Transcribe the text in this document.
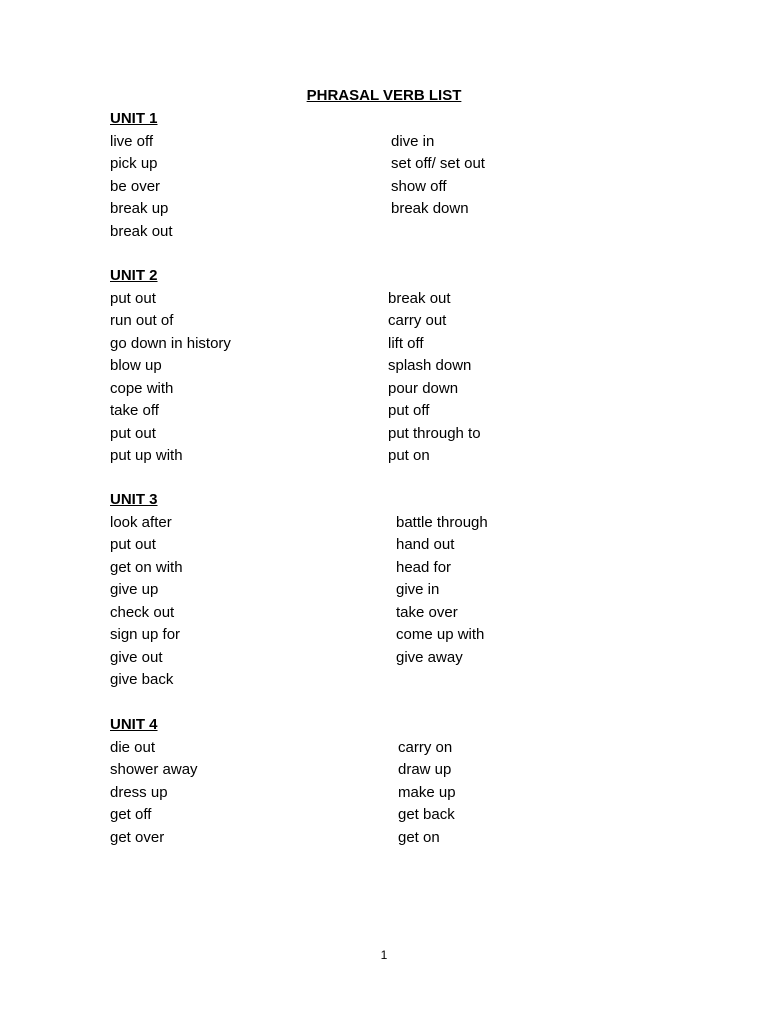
PHRASAL VERB LIST
UNIT 1
live off	dive in
pick up	set off/ set out
be over	show off
break up	break down
break out
UNIT 2
put out	break out
run out of	carry out
go down in history	lift off
blow up	splash down
cope with	pour down
take off	put off
put out	put through to
put up with	put on
UNIT 3
look after	battle through
put out	hand out
get on with	head for
give up	give in
check out	take over
sign up for	come up with
give out	give away
give back
UNIT 4
die out	carry on
shower away	draw up
dress up	make up
get off	get back
get over	get on
1
